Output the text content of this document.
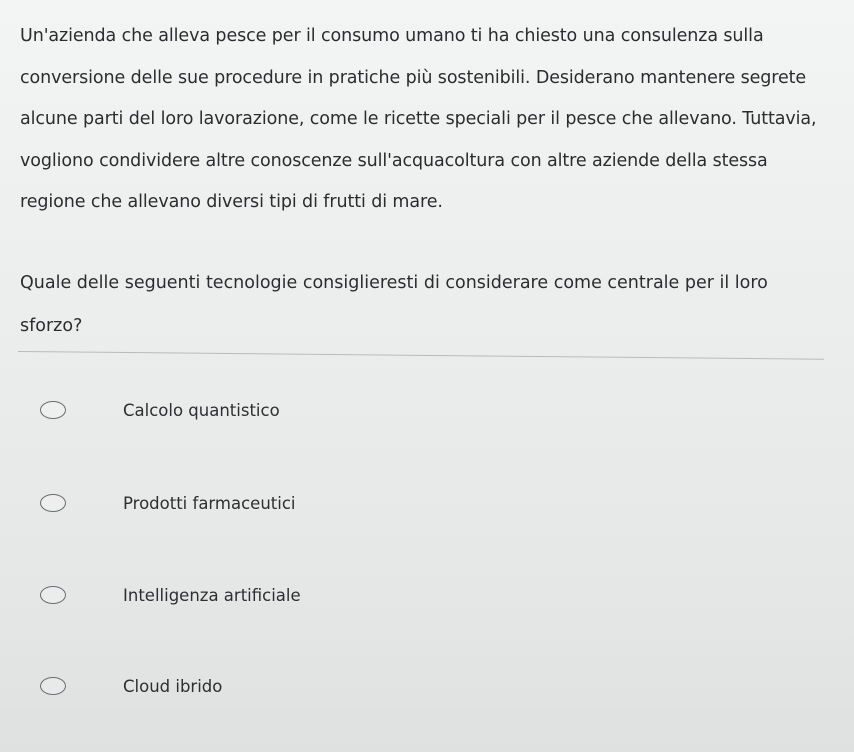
Un'azienda che alleva pesce per il consumo umano ti ha chiesto una consulenza sulla
conversione delle sue procedure in pratiche più sostenibili. Desiderano mantenere segrete
alcune parti del loro lavorazione, come le ricette speciali per il pesce che allevano. Tuttavia,
vogliono condividere altre conoscenze sull'acquacoltura con altre aziende della stessa
regione che allevano diversi tipi di frutti di mare.
Quale delle seguenti tecnologie consiglieresti di considerare come centrale per il loro
sforzo?
Calcolo quantistico
Prodotti farmaceutici
Intelligenza artificiale
Cloud ibrido
